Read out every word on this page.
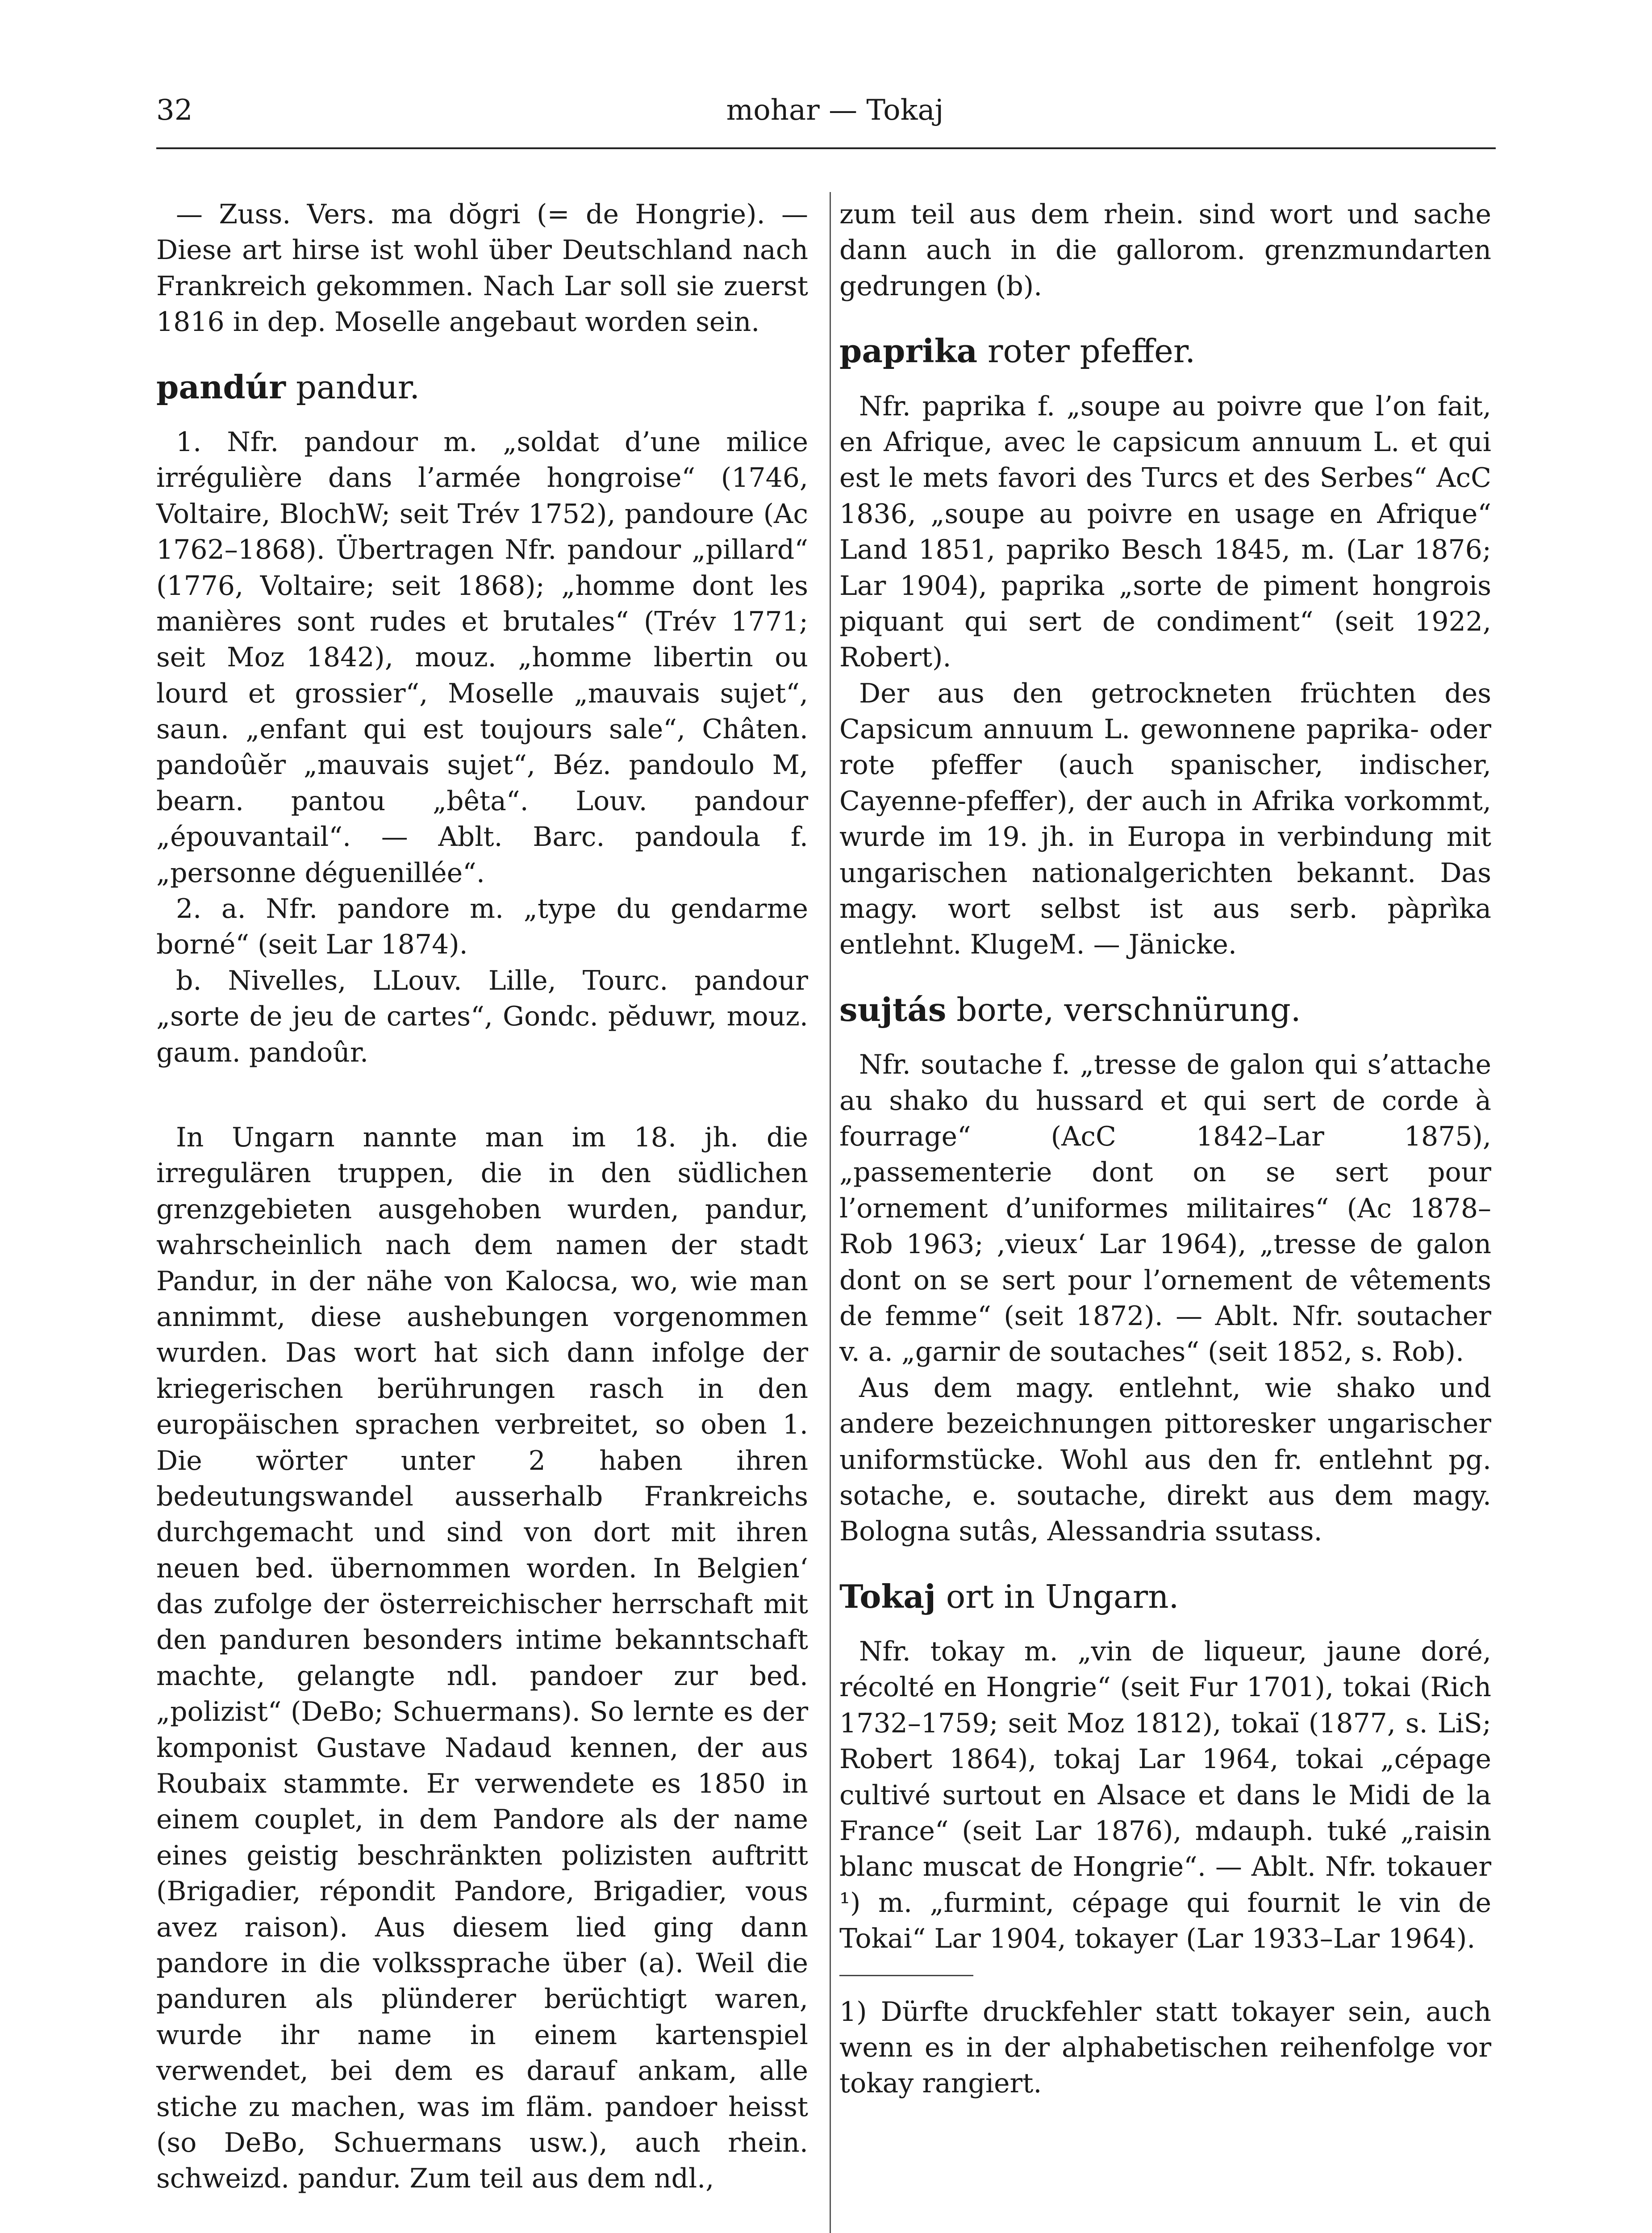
32	mohar — Tokaj

— Zuss. Vers. ma dŏgri (= de Hongrie). — Diese art hirse ist wohl über Deutschland nach Frankreich gekommen. Nach Lar soll sie zuerst 1816 in dep. Moselle angebaut worden sein.

pandúr pandur.

1. Nfr. pandour m. „soldat d’une milice irrégulière dans l’armée hongroise“ (1746, Voltaire, BlochW; seit Trév 1752), pandoure (Ac 1762–1868). Übertragen Nfr. pandour „pillard“ (1776, Voltaire; seit 1868); „homme dont les manières sont rudes et brutales“ (Trév 1771; seit Moz 1842), mouz. „homme libertin ou lourd et grossier“, Moselle „mauvais sujet“, saun. „enfant qui est toujours sale“, Châten. pandoûĕr „mauvais sujet“, Béz. pandoulo M, bearn. pantou „bêta“. Louv. pandour „épouvantail“. — Ablt. Barc. pandoula f. „personne déguenillée“.

2. a. Nfr. pandore m. „type du gendarme borné“ (seit Lar 1874).

b. Nivelles, LLouv. Lille, Tourc. pandour „sorte de jeu de cartes“, Gondc. pĕduwr, mouz. gaum. pandoûr.

In Ungarn nannte man im 18. jh. die irregulären truppen, die in den südlichen grenzgebieten ausgehoben wurden, pandur, wahrscheinlich nach dem namen der stadt Pandur, in der nähe von Kalocsa, wo, wie man annimmt, diese aushebungen vorgenommen wurden. Das wort hat sich dann infolge der kriegerischen berührungen rasch in den europäischen sprachen verbreitet, so oben 1. Die wörter unter 2 haben ihren bedeutungswandel ausserhalb Frankreichs durchgemacht und sind von dort mit ihren neuen bed. übernommen worden. In Belgien‘ das zufolge der österreichischer herrschaft mit den panduren besonders intime bekanntschaft machte, gelangte ndl. pandoer zur bed. „polizist“ (DeBo; Schuermans). So lernte es der komponist Gustave Nadaud kennen, der aus Roubaix stammte. Er verwendete es 1850 in einem couplet, in dem Pandore als der name eines geistig beschränkten polizisten auftritt (Brigadier, répondit Pandore, Brigadier, vous avez raison). Aus diesem lied ging dann pandore in die volkssprache über (a). Weil die panduren als plünderer berüchtigt waren, wurde ihr name in einem kartenspiel verwendet, bei dem es darauf ankam, alle stiche zu machen, was im fläm. pandoer heisst (so DeBo, Schuermans usw.), auch rhein. schweizd. pandur. Zum teil aus dem ndl.,

zum teil aus dem rhein. sind wort und sache dann auch in die gallorom. grenzmundarten gedrungen (b).

paprika roter pfeffer.

Nfr. paprika f. „soupe au poivre que l’on fait, en Afrique, avec le capsicum annuum L. et qui est le mets favori des Turcs et des Serbes“ AcC 1836, „soupe au poivre en usage en Afrique“ Land 1851, papriko Besch 1845, m. (Lar 1876; Lar 1904), paprika „sorte de piment hongrois piquant qui sert de condiment“ (seit 1922, Robert).

Der aus den getrockneten früchten des Capsicum annuum L. gewonnene paprika- oder rote pfeffer (auch spanischer, indischer, Cayenne-pfeffer), der auch in Afrika vorkommt, wurde im 19. jh. in Europa in verbindung mit ungarischen nationalgerichten bekannt. Das magy. wort selbst ist aus serb. pàprìka entlehnt. KlugeM. — Jänicke.

sujtás borte, verschnürung.

Nfr. soutache f. „tresse de galon qui s’attache au shako du hussard et qui sert de corde à fourrage“ (AcC 1842–Lar 1875), „passementerie dont on se sert pour l’ornement d’uniformes militaires“ (Ac 1878–Rob 1963; ,vieux‘ Lar 1964), „tresse de galon dont on se sert pour l’ornement de vêtements de femme“ (seit 1872). — Ablt. Nfr. soutacher v. a. „garnir de soutaches“ (seit 1852, s. Rob).

Aus dem magy. entlehnt, wie shako und andere bezeichnungen pittoresker ungarischer uniformstücke. Wohl aus den fr. entlehnt pg. sotache, e. soutache, direkt aus dem magy. Bologna sutâs, Alessandria ssutass.

Tokaj ort in Ungarn.

Nfr. tokay m. „vin de liqueur, jaune doré, récolté en Hongrie“ (seit Fur 1701), tokai (Rich 1732–1759; seit Moz 1812), tokaï (1877, s. LiS; Robert 1864), tokaj Lar 1964, tokai „cépage cultivé surtout en Alsace et dans le Midi de la France“ (seit Lar 1876), mdauph. tuké „raisin blanc muscat de Hongrie“. — Ablt. Nfr. tokauer ¹) m. „furmint, cépage qui fournit le vin de Tokai“ Lar 1904, tokayer (Lar 1933–Lar 1964).

1) Dürfte druckfehler statt tokayer sein, auch wenn es in der alphabetischen reihenfolge vor tokay rangiert.
